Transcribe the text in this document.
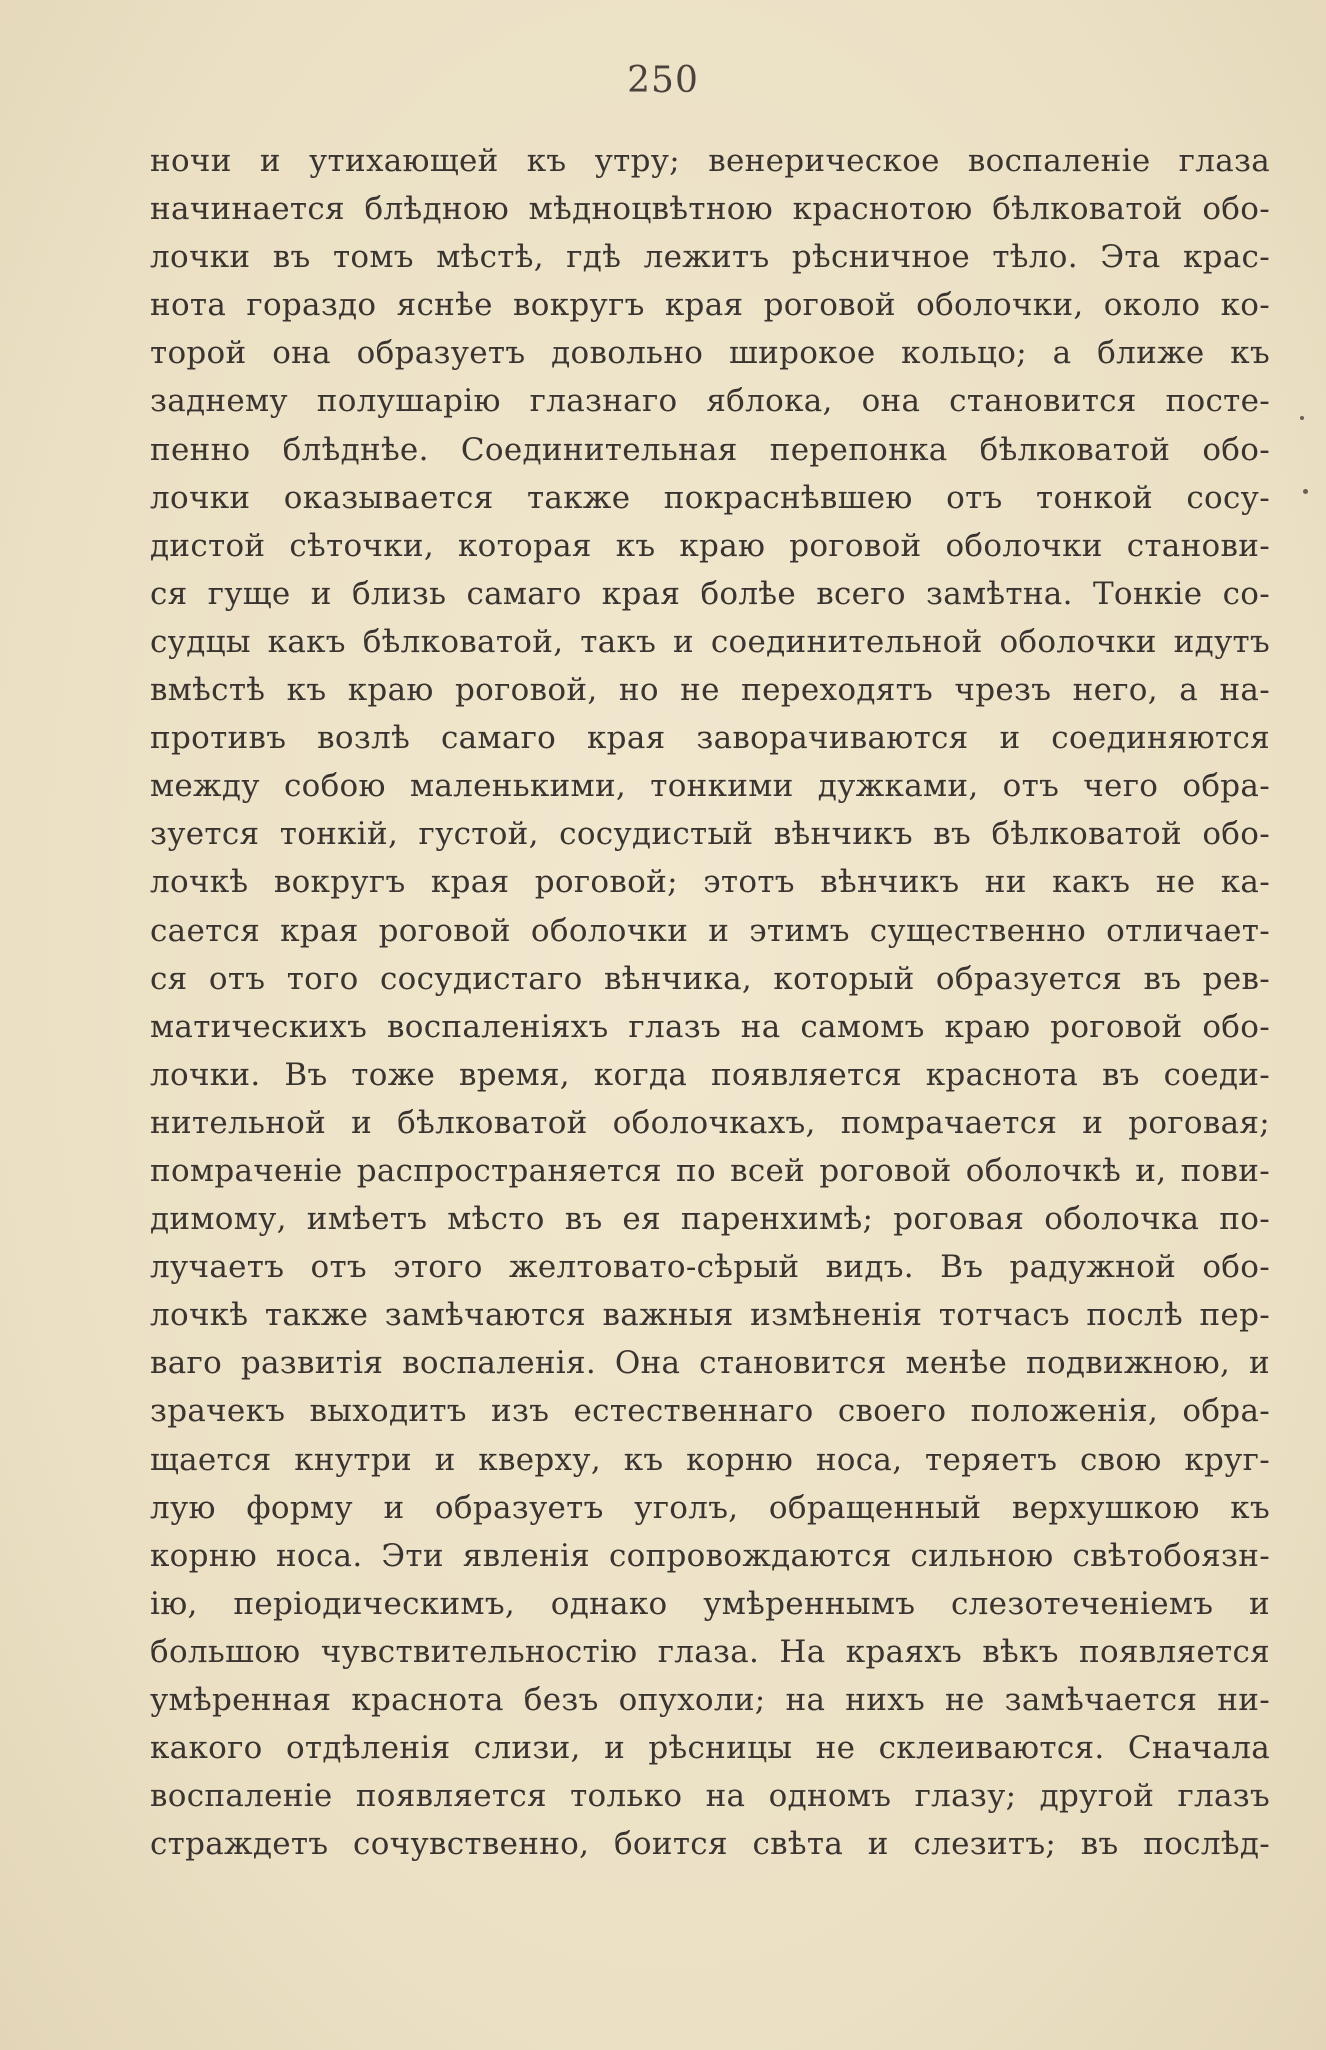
250
ночи и утихающей къ утру; венерическое воспаленіе глаза
начинается блѣдною мѣдноцвѣтною краснотою бѣлковатой обо-
лочки въ томъ мѣстѣ, гдѣ лежитъ рѣсничное тѣло. Эта крас-
нота гораздо яснѣе вокругъ края роговой оболочки, около ко-
торой она образуетъ довольно широкое кольцо; а ближе къ
заднему полушарію глазнаго яблока, она становится посте-
пенно блѣднѣе. Соединительная перепонка бѣлковатой обо-
лочки оказывается также покраснѣвшею отъ тонкой сосу-
дистой сѣточки, которая къ краю роговой оболочки станови-
ся гуще и близь самаго края болѣе всего замѣтна. Тонкіе со-
судцы какъ бѣлковатой, такъ и соединительной оболочки идутъ
вмѣстѣ къ краю роговой, но не переходятъ чрезъ него, а на-
противъ возлѣ самаго края заворачиваются и соединяются
между собою маленькими, тонкими дужками, отъ чего обра-
зуется тонкій, густой, сосудистый вѣнчикъ въ бѣлковатой обо-
лочкѣ вокругъ края роговой; этотъ вѣнчикъ ни какъ не ка-
сается края роговой оболочки и этимъ существенно отличает-
ся отъ того сосудистаго вѣнчика, который образуется въ рев-
матическихъ воспаленіяхъ глазъ на самомъ краю роговой обо-
лочки. Въ тоже время, когда появляется краснота въ соеди-
нительной и бѣлковатой оболочкахъ, помрачается и роговая;
помраченіе распространяется по всей роговой оболочкѣ и, пови-
димому, имѣетъ мѣсто въ ея паренхимѣ; роговая оболочка по-
лучаетъ отъ этого желтовато-сѣрый видъ. Въ радужной обо-
лочкѣ также замѣчаются важныя измѣненія тотчасъ послѣ пер-
ваго развитія воспаленія. Она становится менѣе подвижною, и
зрачекъ выходитъ изъ естественнаго своего положенія, обра-
щается кнутри и кверху, къ корню носа, теряетъ свою круг-
лую форму и образуетъ уголъ, обращенный верхушкою къ
корню носа. Эти явленія сопровождаются сильною свѣтобоязн-
ію, періодическимъ, однако умѣреннымъ слезотеченіемъ и
большою чувствительностію глаза. На краяхъ вѣкъ появляется
умѣренная краснота безъ опухоли; на нихъ не замѣчается ни-
какого отдѣленія слизи, и рѣсницы не склеиваются. Сначала
воспаленіе появляется только на одномъ глазу; другой глазъ
страждетъ сочувственно, боится свѣта и слезитъ; въ послѣд-
